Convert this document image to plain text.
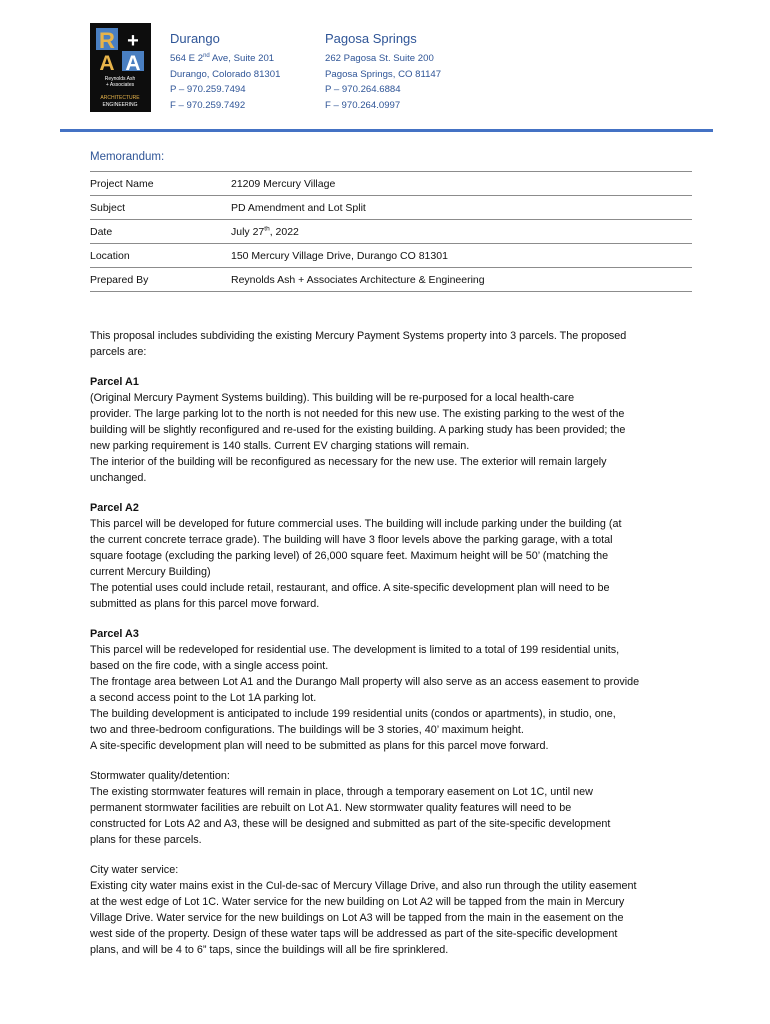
R +
A A
Reynolds Ash
+ Associates
ARCHITECTURE
ENGINEERING
Durango
564 E 2nd Ave, Suite 201
Durango, Colorado 81301
P – 970.259.7494
F – 970.259.7492
Pagosa Springs
262 Pagosa St. Suite 200
Pagosa Springs, CO 81147
P – 970.264.6884
F – 970.264.0997
Memorandum:
Project Name	21209 Mercury Village
Subject	PD Amendment and Lot Split
Date	July 27th, 2022
Location	150 Mercury Village Drive, Durango CO 81301
Prepared By	Reynolds Ash + Associates Architecture & Engineering

This proposal includes subdividing the existing Mercury Payment Systems property into 3 parcels. The proposed
parcels are:

Parcel A1
(Original Mercury Payment Systems building). This building will be re-purposed for a local health-care
provider. The large parking lot to the north is not needed for this new use. The existing parking to the west of the
building will be slightly reconfigured and re-used for the existing building. A parking study has been provided; the
new parking requirement is 140 stalls. Current EV charging stations will remain.
The interior of the building will be reconfigured as necessary for the new use. The exterior will remain largely
unchanged.

Parcel A2
This parcel will be developed for future commercial uses. The building will include parking under the building (at
the current concrete terrace grade). The building will have 3 floor levels above the parking garage, with a total
square footage (excluding the parking level) of 26,000 square feet. Maximum height will be 50’ (matching the
current Mercury Building)
The potential uses could include retail, restaurant, and office. A site-specific development plan will need to be
submitted as plans for this parcel move forward.

Parcel A3
This parcel will be redeveloped for residential use. The development is limited to a total of 199 residential units,
based on the fire code, with a single access point.
The frontage area between Lot A1 and the Durango Mall property will also serve as an access easement to provide
a second access point to the Lot 1A parking lot.
The building development is anticipated to include 199 residential units (condos or apartments), in studio, one,
two and three-bedroom configurations. The buildings will be 3 stories, 40’ maximum height.
A site-specific development plan will need to be submitted as plans for this parcel move forward.

Stormwater quality/detention:
The existing stormwater features will remain in place, through a temporary easement on Lot 1C, until new
permanent stormwater facilities are rebuilt on Lot A1. New stormwater quality features will need to be
constructed for Lots A2 and A3, these will be designed and submitted as part of the site-specific development
plans for these parcels.

City water service:
Existing city water mains exist in the Cul-de-sac of Mercury Village Drive, and also run through the utility easement
at the west edge of Lot 1C. Water service for the new building on Lot A2 will be tapped from the main in Mercury
Village Drive. Water service for the new buildings on Lot A3 will be tapped from the main in the easement on the
west side of the property. Design of these water taps will be addressed as part of the site-specific development
plans, and will be 4 to 6” taps, since the buildings will all be fire sprinklered.
